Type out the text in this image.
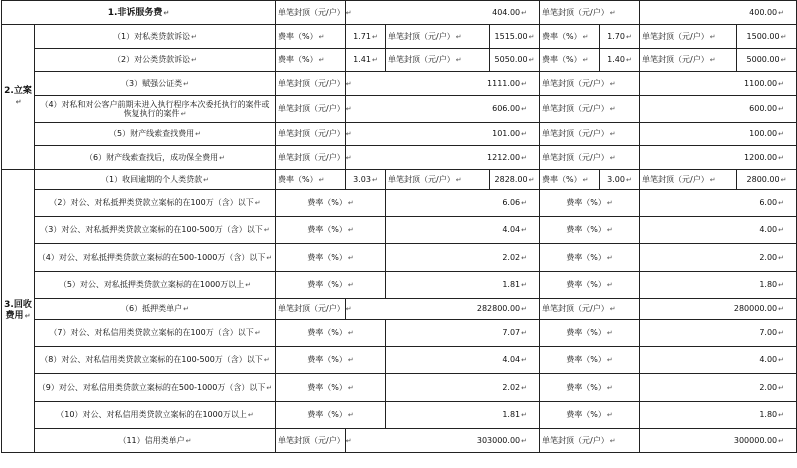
1.非诉服务费↵		单笔封顶（元/户）↵	404.00↵			单笔封顶（元/户）↵		400.00↵	
2.立案↵	（1）对私类贷款诉讼↵	费率（%）↵	1.71↵	单笔封顶（元/户）↵	1515.00↵	费率（%）↵	1.70↵	单笔封顶（元/户）↵	1500.00↵
	（2）对公类贷款诉讼↵	费率（%）↵	1.41↵	单笔封顶（元/户）↵	5050.00↵	费率（%）↵	1.40↵	单笔封顶（元/户）↵	5000.00↵
	（3）赋强公证类↵	单笔封顶（元/户）↵	1111.00↵			单笔封顶（元/户）↵		1100.00↵	
	（4）对私和对公客户前期未进入执行程序本次委托执行的案件或恢复执行的案件↵	单笔封顶（元/户）↵	606.00↵			单笔封顶（元/户）↵		600.00↵	
	（5）财产线索查找费用↵	单笔封顶（元/户）↵	101.00↵			单笔封顶（元/户）↵		100.00↵	
	（6）财产线索查找后，成功保全费用↵	单笔封顶（元/户）↵	1212.00↵			单笔封顶（元/户）↵		1200.00↵	
3.回收费用↵	（1）收回逾期的个人类贷款↵	费率（%）↵	3.03↵	单笔封顶（元/户）↵	2828.00↵	费率（%）↵	3.00↵	单笔封顶（元/户）↵	2800.00↵
	（2）对公、对私抵押类贷款立案标的在100万（含）以下↵	费率（%）↵		6.06↵		费率（%）↵		6.00↵	
	（3）对公、对私抵押类贷款立案标的在100-500万（含）以下↵	费率（%）↵		4.04↵		费率（%）↵		4.00↵	
	（4）对公、对私抵押类贷款立案标的在500-1000万（含）以下↵	费率（%）↵		2.02↵		费率（%）↵		2.00↵	
	（5）对公、对私抵押类贷款立案标的在1000万以上↵	费率（%）↵		1.81↵		费率（%）↵		1.80↵	
	（6）抵押类单户↵	单笔封顶（元/户）↵	282800.00↵			单笔封顶（元/户）↵		280000.00↵	
	（7）对公、对私信用类贷款立案标的在100万（含）以下↵	费率（%）↵		7.07↵		费率（%）↵		7.00↵	
	（8）对公、对私信用类贷款立案标的在100-500万（含）以下↵	费率（%）↵		4.04↵		费率（%）↵		4.00↵	
	（9）对公、对私信用类贷款立案标的在500-1000万（含）以下↵	费率（%）↵		2.02↵		费率（%）↵		2.00↵	
	（10）对公、对私信用类贷款立案标的在1000万以上↵	费率（%）↵		1.81↵		费率（%）↵		1.80↵	
	（11）信用类单户↵	单笔封顶（元/户）↵	303000.00↵			单笔封顶（元/户）↵		300000.00↵	
